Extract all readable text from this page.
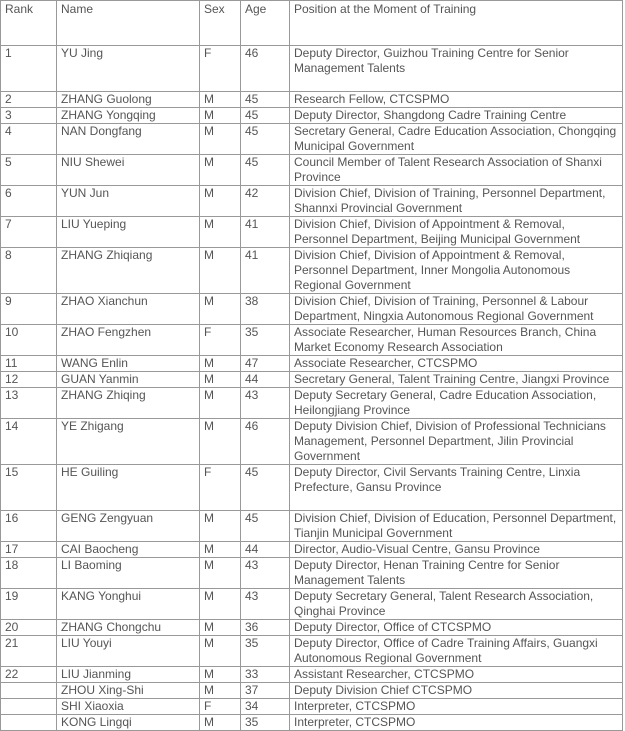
Rank	Name	Sex	Age	Position at the Moment of Training
1	YU Jing	F	46	Deputy Director, Guizhou Training Centre for Senior Management Talents
2	ZHANG Guolong	M	45	Research Fellow, CTCSPMO
3	ZHANG Yongqing	M	45	Deputy Director, Shangdong Cadre Training Centre
4	NAN Dongfang	M	45	Secretary General, Cadre Education Association, Chongqing Municipal Government
5	NIU Shewei	M	45	Council Member of Talent Research Association of Shanxi Province
6	YUN Jun	M	42	Division Chief, Division of Training, Personnel Department, Shannxi Provincial Government
7	LIU Yueping	M	41	Division Chief, Division of Appointment & Removal, Personnel Department, Beijing Municipal Government
8	ZHANG Zhiqiang	M	41	Division Chief, Division of Appointment & Removal, Personnel Department, Inner Mongolia Autonomous Regional Government
9	ZHAO Xianchun	M	38	Division Chief, Division of Training, Personnel & Labour Department, Ningxia Autonomous Regional Government
10	ZHAO Fengzhen	F	35	Associate Researcher, Human Resources Branch, China Market Economy Research Association
11	WANG Enlin	M	47	Associate Researcher, CTCSPMO
12	GUAN Yanmin	M	44	Secretary General, Talent Training Centre, Jiangxi Province
13	ZHANG Zhiqing	M	43	Deputy Secretary General, Cadre Education Association, Heilongjiang Province
14	YE Zhigang	M	46	Deputy Division Chief, Division of Professional Technicians Management, Personnel Department, Jilin Provincial Government
15	HE Guiling	F	45	Deputy Director, Civil Servants Training Centre, Linxia Prefecture, Gansu Province
16	GENG Zengyuan	M	45	Division Chief, Division of Education, Personnel Department, Tianjin Municipal Government
17	CAI Baocheng	M	44	Director, Audio-Visual Centre, Gansu Province
18	LI Baoming	M	43	Deputy Director, Henan Training Centre for Senior Management Talents
19	KANG Yonghui	M	43	Deputy Secretary General, Talent Research Association, Qinghai Province
20	ZHANG Chongchu	M	36	Deputy Director, Office of CTCSPMO
21	LIU Youyi	M	35	Deputy Director, Office of Cadre Training Affairs, Guangxi Autonomous Regional Government
22	LIU Jianming	M	33	Assistant Researcher, CTCSPMO
	ZHOU Xing-Shi	M	37	Deputy Division Chief CTCSPMO
	SHI Xiaoxia	F	34	Interpreter, CTCSPMO
	KONG Lingqi	M	35	Interpreter, CTCSPMO
